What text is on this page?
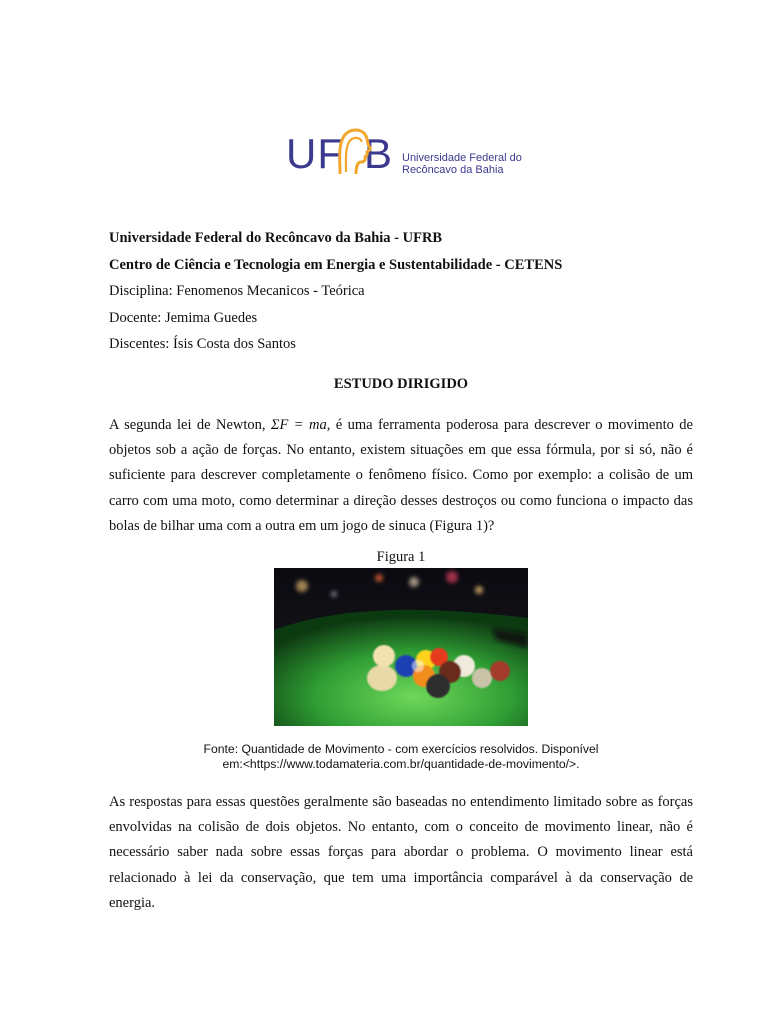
UF B Universidade Federal do
Recôncavo da Bahia
Universidade Federal do Recôncavo da Bahia - UFRB
Centro de Ciência e Tecnologia em Energia e Sustentabilidade - CETENS
Disciplina: Fenomenos Mecanicos - Teórica
Docente: Jemima Guedes
Discentes: Ísis Costa dos Santos
ESTUDO DIRIGIDO
A segunda lei de Newton, ΣF = ma, é uma ferramenta poderosa para descrever o movimento de objetos sob a ação de forças. No entanto, existem situações em que essa fórmula, por si só, não é suficiente para descrever completamente o fenômeno físico. Como por exemplo: a colisão de um carro com uma moto, como determinar a direção desses destroços ou como funciona o impacto das bolas de bilhar uma com a outra em um jogo de sinuca (Figura 1)?
Figura 1
Fonte: Quantidade de Movimento - com exercícios resolvidos. Disponível
em:<https://www.todamateria.com.br/quantidade-de-movimento/>.
As respostas para essas questões geralmente são baseadas no entendimento limitado sobre as forças envolvidas na colisão de dois objetos. No entanto, com o conceito de movimento linear, não é necessário saber nada sobre essas forças para abordar o problema. O movimento linear está relacionado à lei da conservação, que tem uma importância comparável à da conservação de energia.
